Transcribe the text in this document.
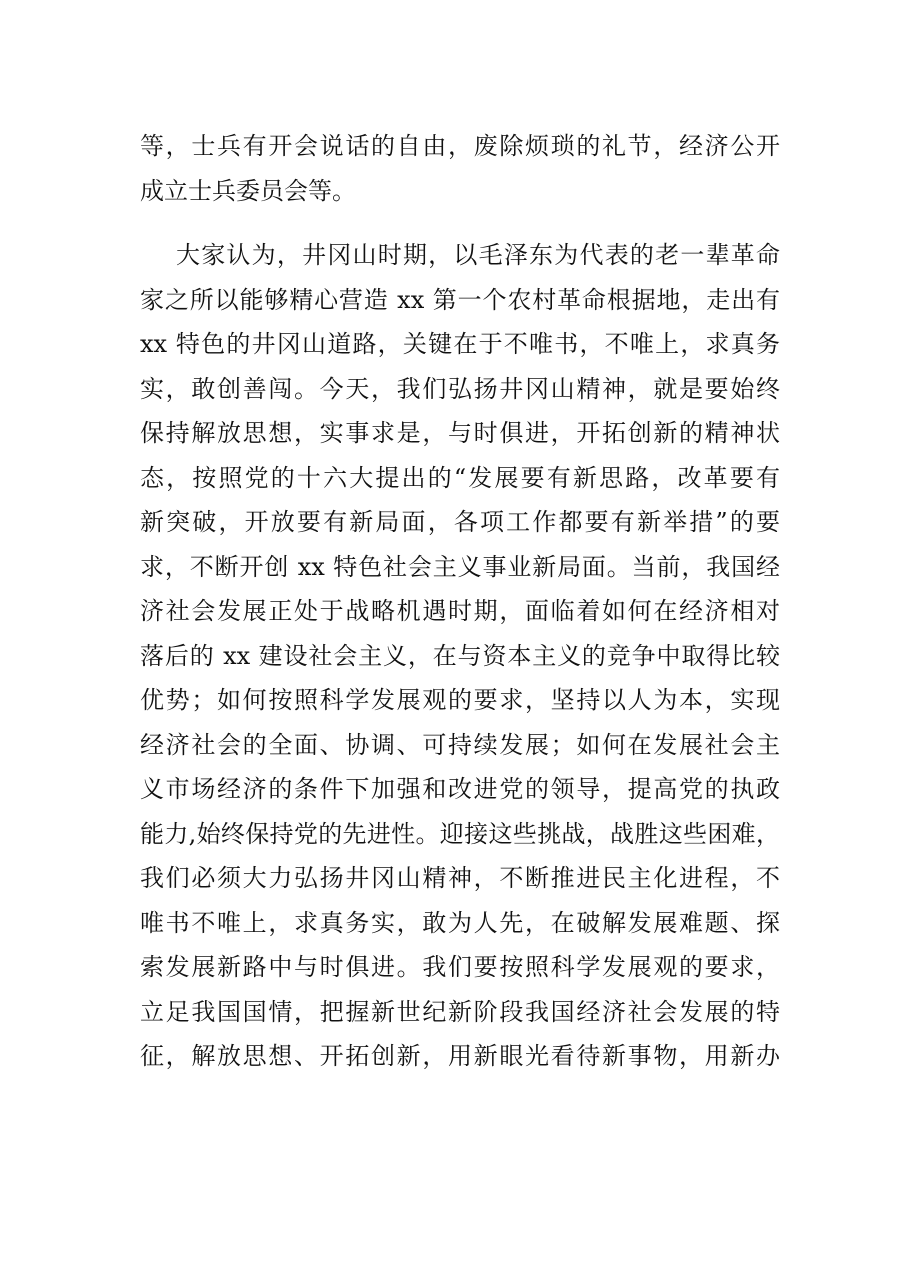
等，士兵有开会说话的自由，废除烦琐的礼节，经济公开
成立士兵委员会等。
大家认为，井冈山时期，以毛泽东为代表的老一辈革命
家之所以能够精心营造 xx 第一个农村革命根据地，走出有
xx 特色的井冈山道路，关键在于不唯书，不唯上，求真务
实，敢创善闯。今天，我们弘扬井冈山精神，就是要始终
保持解放思想，实事求是，与时俱进，开拓创新的精神状
态，按照党的十六大提出的“发展要有新思路，改革要有
新突破，开放要有新局面，各项工作都要有新举措”的要
求，不断开创 xx 特色社会主义事业新局面。当前，我国经
济社会发展正处于战略机遇时期，面临着如何在经济相对
落后的 xx 建设社会主义，在与资本主义的竞争中取得比较
优势；如何按照科学发展观的要求，坚持以人为本，实现
经济社会的全面、协调、可持续发展；如何在发展社会主
义市场经济的条件下加强和改进党的领导，提高党的执政
能力,始终保持党的先进性。迎接这些挑战，战胜这些困难，
我们必须大力弘扬井冈山精神，不断推进民主化进程，不
唯书不唯上，求真务实，敢为人先，在破解发展难题、探
索发展新路中与时俱进。我们要按照科学发展观的要求，
立足我国国情，把握新世纪新阶段我国经济社会发展的特
征，解放思想、开拓创新，用新眼光看待新事物，用新办
